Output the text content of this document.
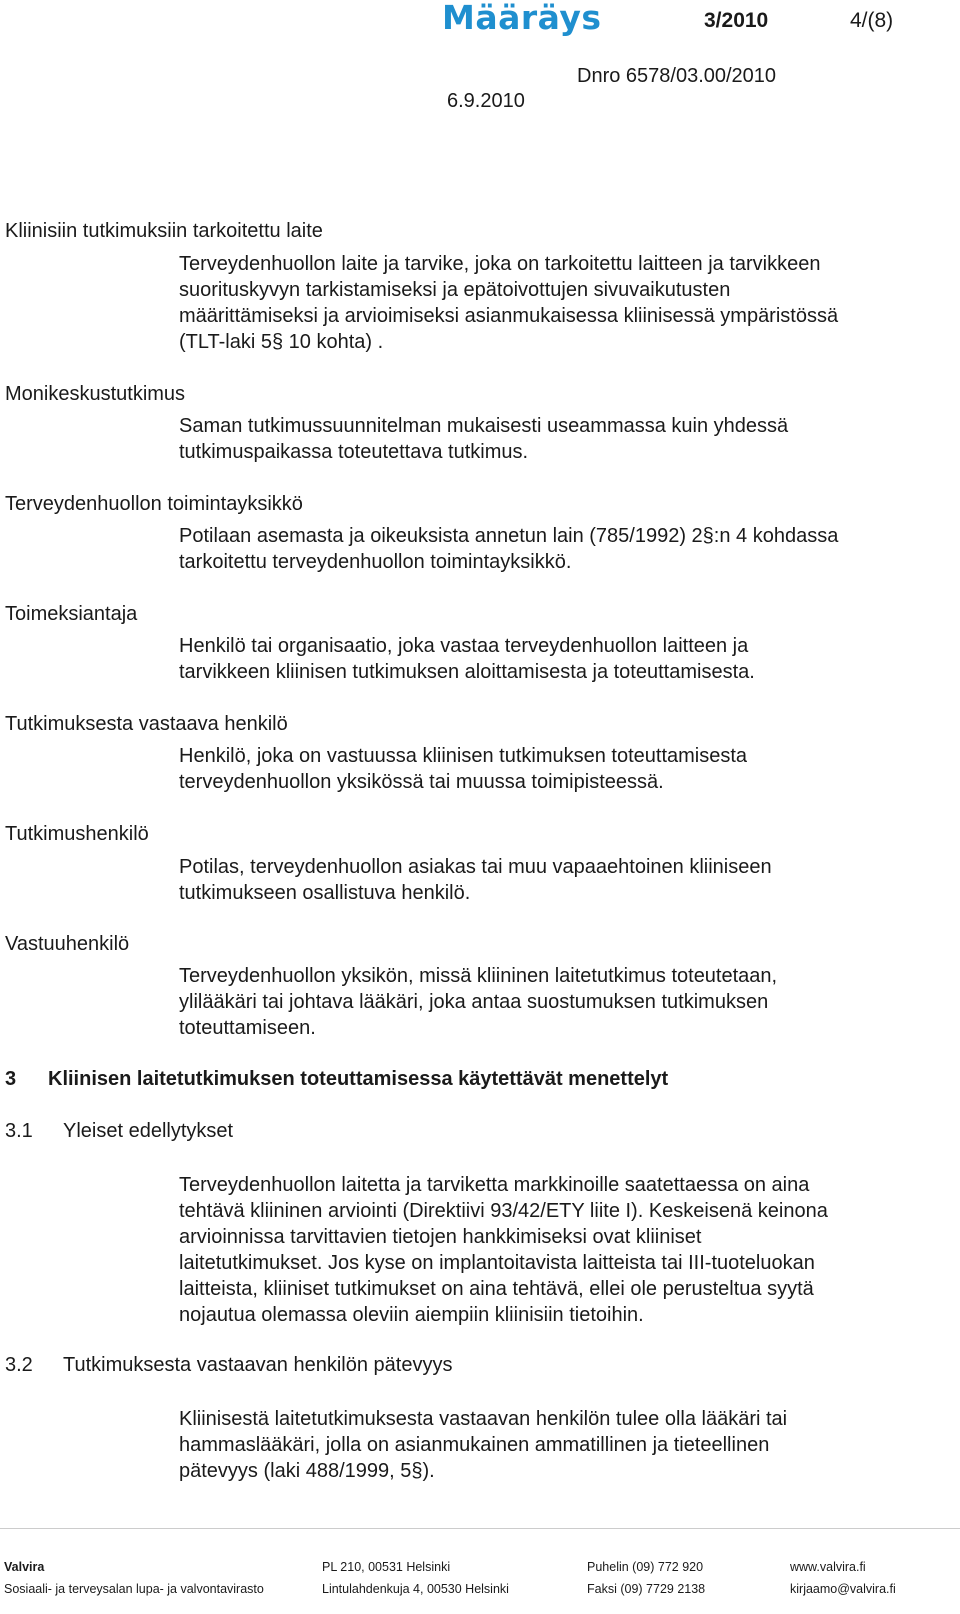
Määräys	3/2010	4/(8)
Dnro 6578/03.00/2010
6.9.2010
Kliinisiin tutkimuksiin tarkoitettu laite
Terveydenhuollon laite ja tarvike, joka on tarkoitettu laitteen ja tarvikkeen
suorituskyvyn tarkistamiseksi ja epätoivottujen sivuvaikutusten
määrittämiseksi ja arvioimiseksi asianmukaisessa kliinisessä ympäristössä
(TLT-laki 5§ 10 kohta) .
Monikeskustutkimus
Saman tutkimussuunnitelman mukaisesti useammassa kuin yhdessä
tutkimuspaikassa toteutettava tutkimus.
Terveydenhuollon toimintayksikkö
Potilaan asemasta ja oikeuksista annetun lain (785/1992) 2§:n 4 kohdassa
tarkoitettu terveydenhuollon toimintayksikkö.
Toimeksiantaja
Henkilö tai organisaatio, joka vastaa terveydenhuollon laitteen ja
tarvikkeen kliinisen tutkimuksen aloittamisesta ja toteuttamisesta.
Tutkimuksesta vastaava henkilö
Henkilö, joka on vastuussa kliinisen tutkimuksen toteuttamisesta
terveydenhuollon yksikössä tai muussa toimipisteessä.
Tutkimushenkilö
Potilas, terveydenhuollon asiakas tai muu vapaaehtoinen kliiniseen
tutkimukseen osallistuva henkilö.
Vastuuhenkilö
Terveydenhuollon yksikön, missä kliininen laitetutkimus toteutetaan,
ylilääkäri tai johtava lääkäri, joka antaa suostumuksen tutkimuksen
toteuttamiseen.
3 Kliinisen laitetutkimuksen toteuttamisessa käytettävät menettelyt
3.1 Yleiset edellytykset
Terveydenhuollon laitetta ja tarviketta markkinoille saatettaessa on aina
tehtävä kliininen arviointi (Direktiivi 93/42/ETY liite I). Keskeisenä keinona
arvioinnissa tarvittavien tietojen hankkimiseksi ovat kliiniset
laitetutkimukset. Jos kyse on implantoitavista laitteista tai III-tuoteluokan
laitteista, kliiniset tutkimukset on aina tehtävä, ellei ole perusteltua syytä
nojautua olemassa oleviin aiempiin kliinisiin tietoihin.
3.2 Tutkimuksesta vastaavan henkilön pätevyys
Kliinisestä laitetutkimuksesta vastaavan henkilön tulee olla lääkäri tai
hammaslääkäri, jolla on asianmukainen ammatillinen ja tieteellinen
pätevyys (laki 488/1999, 5§).
Valvira
Sosiaali- ja terveysalan lupa- ja valvontavirasto
PL 210, 00531 Helsinki
Lintulahdenkuja 4, 00530 Helsinki
Puhelin (09) 772 920
Faksi (09) 7729 2138
www.valvira.fi
kirjaamo@valvira.fi
